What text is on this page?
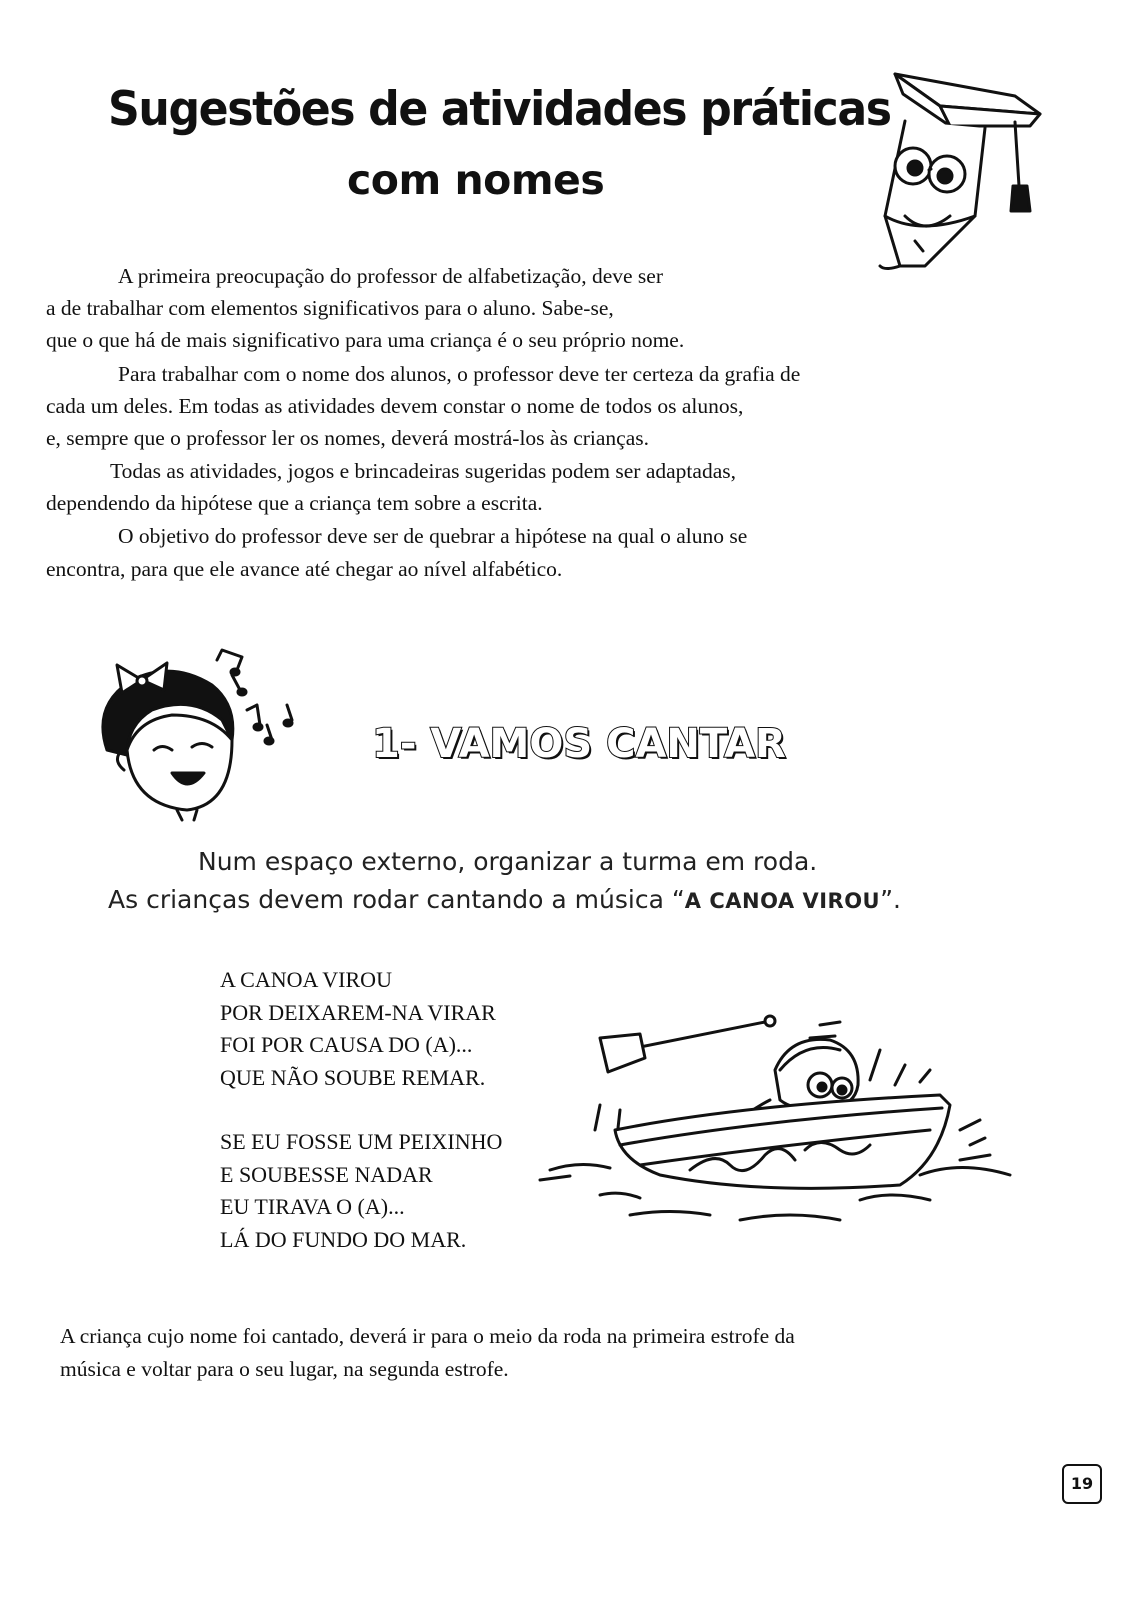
Sugestões de atividades práticas
com nomes
A primeira preocupação do professor de alfabetização, deve ser
a de trabalhar com elementos significativos para o aluno. Sabe-se,
que o que há de mais significativo para uma criança é o seu próprio nome.
Para trabalhar com o nome dos alunos, o professor deve ter certeza da grafia de
cada um deles. Em todas as atividades devem constar o nome de todos os alunos,
e, sempre que o professor ler os nomes, deverá mostrá-los às crianças.
Todas as atividades, jogos e brincadeiras sugeridas podem ser adaptadas,
dependendo da hipótese que a criança tem sobre a escrita.
O objetivo do professor deve ser de quebrar a hipótese na qual o aluno se
encontra, para que ele avance até chegar ao nível alfabético.
1- VAMOS CANTAR
Num espaço externo, organizar a turma em roda.
As crianças devem rodar cantando a música “A CANOA VIROU”.
A CANOA VIROU
POR DEIXAREM-NA VIRAR
FOI POR CAUSA DO (A)...
QUE NÃO SOUBE REMAR.
SE EU FOSSE UM PEIXINHO
E SOUBESSE NADAR
EU TIRAVA O (A)...
LÁ DO FUNDO DO MAR.
A criança cujo nome foi cantado, deverá ir para o meio da roda na primeira estrofe da
música e voltar para o seu lugar, na segunda estrofe.
19
